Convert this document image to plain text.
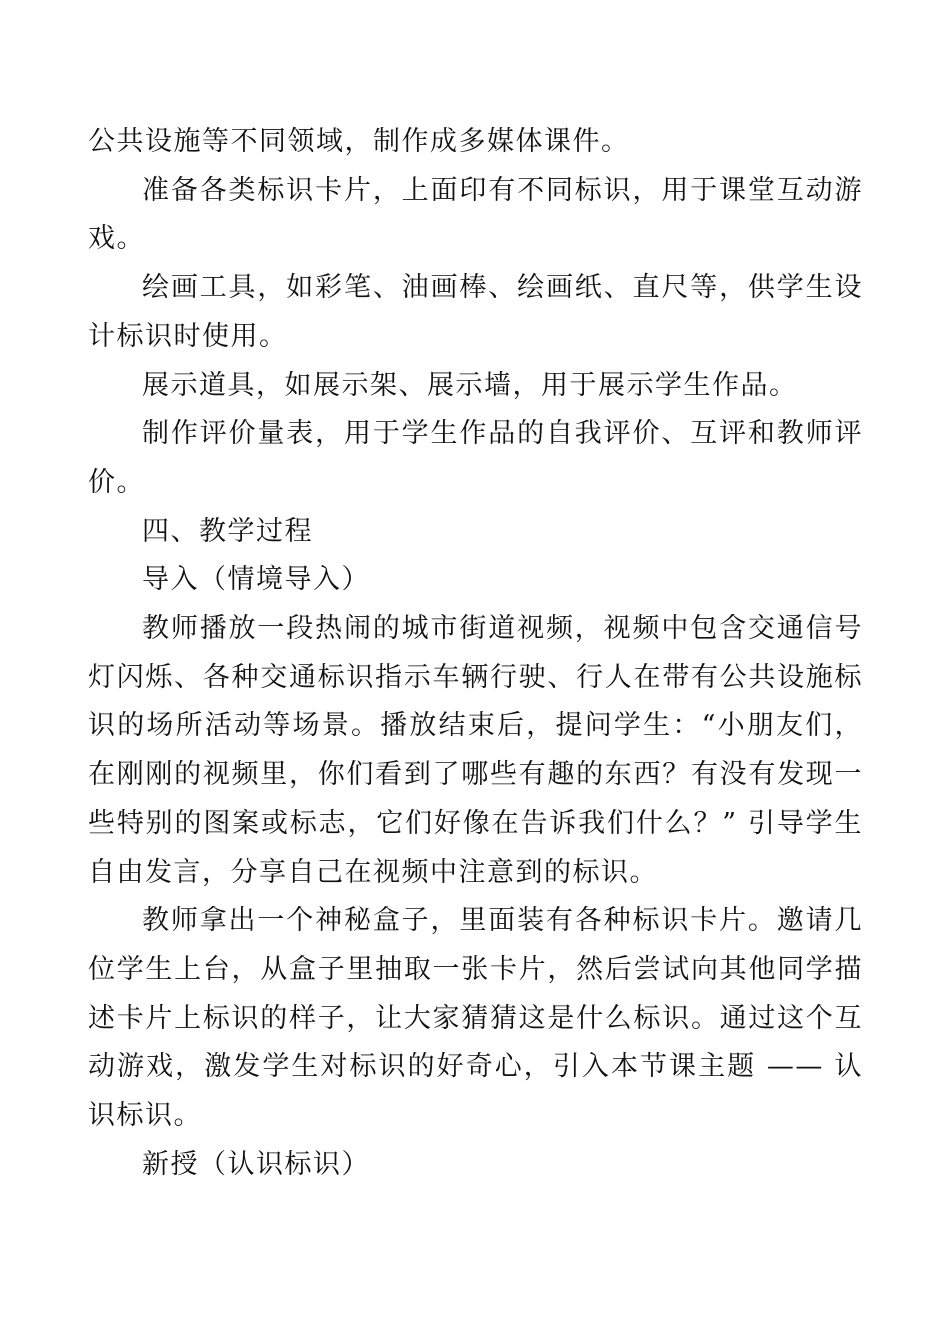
公共设施等不同领域，制作成多媒体课件。

准备各类标识卡片，上面印有不同标识，用于课堂互动游戏。

绘画工具，如彩笔、油画棒、绘画纸、直尺等，供学生设计标识时使用。

展示道具，如展示架、展示墙，用于展示学生作品。

制作评价量表，用于学生作品的自我评价、互评和教师评价。

四、教学过程

导入（情境导入）

教师播放一段热闹的城市街道视频，视频中包含交通信号灯闪烁、各种交通标识指示车辆行驶、行人在带有公共设施标识的场所活动等场景。播放结束后，提问学生：“小朋友们，在刚刚的视频里，你们看到了哪些有趣的东西？有没有发现一些特别的图案或标志，它们好像在告诉我们什么？” 引导学生自由发言，分享自己在视频中注意到的标识。

教师拿出一个神秘盒子，里面装有各种标识卡片。邀请几位学生上台，从盒子里抽取一张卡片，然后尝试向其他同学描述卡片上标识的样子，让大家猜猜这是什么标识。通过这个互动游戏，激发学生对标识的好奇心，引入本节课主题 —— 认识标识。

新授（认识标识）
